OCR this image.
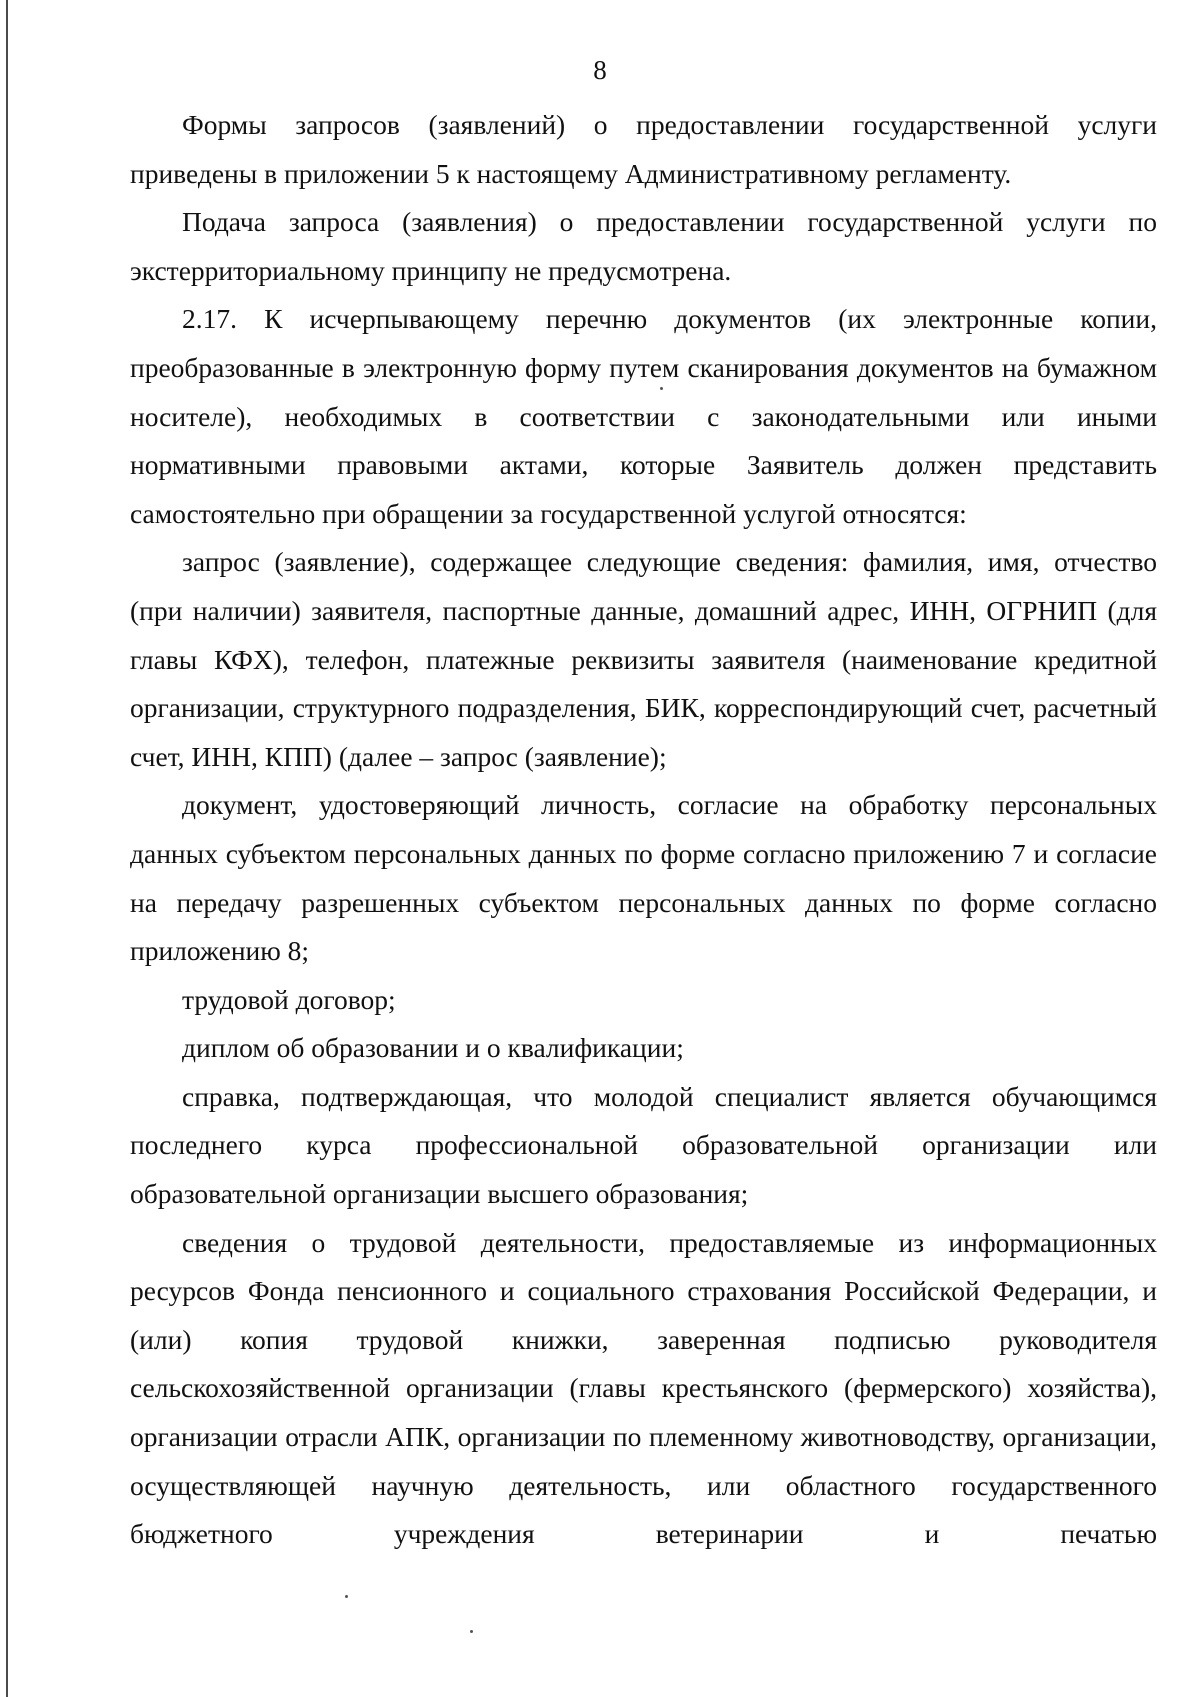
8

Формы запросов (заявлений) о предоставлении государственной услуги приведены в приложении 5 к настоящему Административному регламенту.

Подача запроса (заявления) о предоставлении государственной услуги по экстерриториальному принципу не предусмотрена.

2.17. К исчерпывающему перечню документов (их электронные копии, преобразованные в электронную форму путем сканирования документов на бумажном носителе), необходимых в соответствии с законодательными или иными нормативными правовыми актами, которые Заявитель должен представить самостоятельно при обращении за государственной услугой относятся:

запрос (заявление), содержащее следующие сведения: фамилия, имя, отчество (при наличии) заявителя, паспортные данные, домашний адрес, ИНН, ОГРНИП (для главы КФХ), телефон, платежные реквизиты заявителя (наименование кредитной организации, структурного подразделения, БИК, корреспондирующий счет, расчетный счет, ИНН, КПП) (далее – запрос (заявление);

документ, удостоверяющий личность, согласие на обработку персональных данных субъектом персональных данных по форме согласно приложению 7 и согласие на передачу разрешенных субъектом персональных данных по форме согласно приложению 8;

трудовой договор;

диплом об образовании и о квалификации;

справка, подтверждающая, что молодой специалист является обучающимся последнего курса профессиональной образовательной организации или образовательной организации высшего образования;

сведения о трудовой деятельности, предоставляемые из информационных ресурсов Фонда пенсионного и социального страхования Российской Федерации, и (или) копия трудовой книжки, заверенная подписью руководителя сельскохозяйственной организации (главы крестьянского (фермерского) хозяйства), организации отрасли АПК, организации по племенному животноводству, организации, осуществляющей научную деятельность, или областного государственного бюджетного учреждения ветеринарии и печатью
